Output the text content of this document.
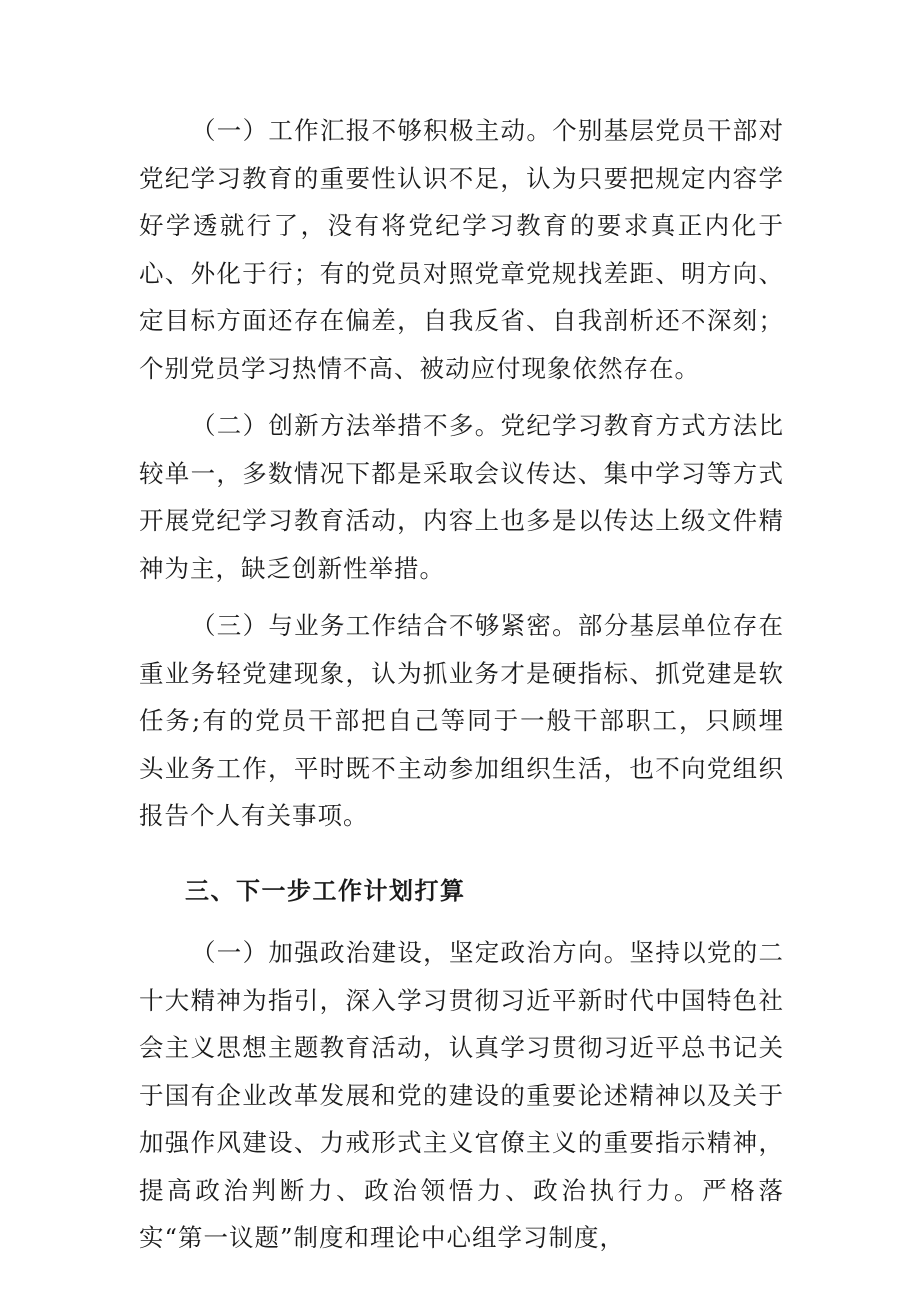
（一）工作汇报不够积极主动。个别基层党员干部对党纪学习教育的重要性认识不足，认为只要把规定内容学好学透就行了，没有将党纪学习教育的要求真正内化于心、外化于行；有的党员对照党章党规找差距、明方向、定目标方面还存在偏差，自我反省、自我剖析还不深刻；个别党员学习热情不高、被动应付现象依然存在。

（二）创新方法举措不多。党纪学习教育方式方法比较单一，多数情况下都是采取会议传达、集中学习等方式开展党纪学习教育活动，内容上也多是以传达上级文件精神为主，缺乏创新性举措。

（三）与业务工作结合不够紧密。部分基层单位存在重业务轻党建现象，认为抓业务才是硬指标、抓党建是软任务;有的党员干部把自己等同于一般干部职工，只顾埋头业务工作，平时既不主动参加组织生活，也不向党组织报告个人有关事项。

三、下一步工作计划打算

（一）加强政治建设，坚定政治方向。坚持以党的二十大精神为指引，深入学习贯彻习近平新时代中国特色社会主义思想主题教育活动，认真学习贯彻习近平总书记关于国有企业改革发展和党的建设的重要论述精神以及关于加强作风建设、力戒形式主义官僚主义的重要指示精神，提高政治判断力、政治领悟力、政治执行力。严格落实“第一议题”制度和理论中心组学习制度，
